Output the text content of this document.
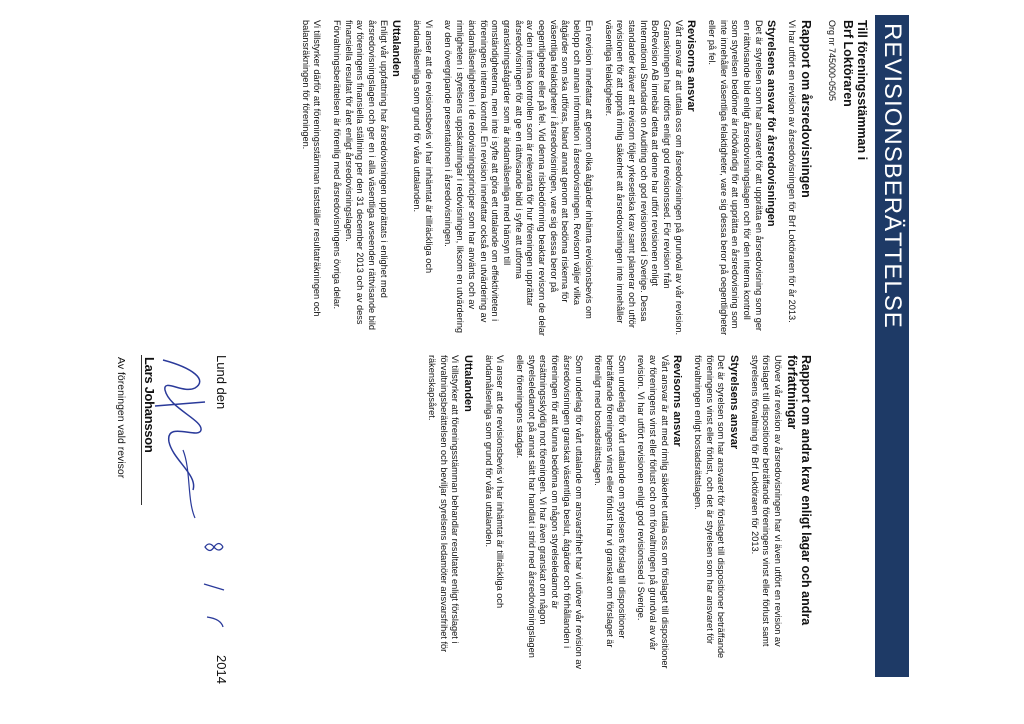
REVISIONSBERÄTTELSE
Till föreningsstämman i
Brf Loktöraren
Org nr 745000-0505
Rapport om årsredovisningen

Vi har utfört en revision av årsredovisningen för Brf Loktöraren för år 2013.

Styrelsens ansvar för årsredovisningen

Det är styrelsen som har ansvaret för att upprätta en årsredovisning som ger en rättvisande bild enligt årsredovisningslagen och för den interna kontroll som styrelsen bedömer är nödvändig för att upprätta en årsredovisning som inte innehåller väsentliga felaktigheter, vare sig dessa beror på oegentligheter eller på fel.

Revisorns ansvar

Vårt ansvar är att uttala oss om årsredovisningen på grundval av vår revision. Granskningen har utförts enligt god revisionssed. För revision från BoRevision AB innebär detta att denne har utfört revisionen enligt International Standards on Auditing och god revisionssed i Sverige. Dessa standarder kräver att revisorn följer yrkesetiska krav samt planerar och utför revisionen för att uppnå rimlig säkerhet att årsredovisningen inte innehåller väsentliga felaktigheter.

En revision innefattar att genom olika åtgärder inhämta revisionsbevis om belopp och annan information i årsredovisningen. Revisorn väljer vilka åtgärder som ska utföras, bland annat genom att bedöma riskerna för väsentliga felaktigheter i årsredovisningen, vare sig dessa beror på oegentligheter eller på fel. Vid denna riskbedömning beaktar revisorn de delar av den interna kontrollen som är relevanta för hur föreningen upprättar årsredovisningen för att ge en rättvisande bild i syfte att utforma granskningsåtgärder som är ändamålsenliga med hänsyn till omständigheterna, men inte i syfte att göra ett uttalande om effektiviteten i föreningens interna kontroll. En revision innefattar också en utvärdering av ändamålsenligheten i de redovisningsprinciper som har använts och av rimligheten i styrelsens uppskattningar i redovisningen, liksom en utvärdering av den övergripande presentationen i årsredovisningen.

Vi anser att de revisionsbevis vi har inhämtat är tillräckliga och ändamålsenliga som grund för våra uttalanden.

Uttalanden

Enligt vår uppfattning har årsredovisningen upprättats i enlighet med årsredovisningslagen och ger en i alla väsentliga avseenden rättvisande bild av föreningens finansiella ställning per den 31 december 2013 och av dess finansiella resultat för året enligt årsredovisningslagen. Förvaltningsberättelsen är förenlig med årsredovisningens övriga delar.

Vi tillstyrker därför att föreningsstämman fastställer resultaträkningen och balansräkningen för föreningen.

Rapport om andra krav enligt lagar och andra författningar

Utöver vår revision av årsredovisningen har vi även utfört en revision av förslaget till dispositioner beträffande föreningens vinst eller förlust samt styrelsens förvaltning för Brf Loktöraren för 2013.

Styrelsens ansvar

Det är styrelsen som har ansvaret för förslaget till dispositioner beträffande föreningens vinst eller förlust, och det är styrelsen som har ansvaret för förvaltningen enligt bostadsrättslagen.

Revisorns ansvar

Vårt ansvar är att med rimlig säkerhet uttala oss om förslaget till dispositioner av föreningens vinst eller förlust och om förvaltningen på grundval av vår revision. Vi har utfört revisionen enligt god revisionssed i Sverige.

Som underlag för vårt uttalande om styrelsens förslag till dispositioner beträffande föreningens vinst eller förlust har vi granskat om förslaget är förenligt med bostadsrättslagen.

Som underlag för vårt uttalande om ansvarsfrihet har vi utöver vår revision av årsredovisningen granskat väsentliga beslut, åtgärder och förhållanden i föreningen för att kunna bedöma om någon styrelseledamot är ersättningsskyldig mot föreningen. Vi har även granskat om någon styrelseledamot på annat sätt har handlat i strid med årsredovisningslagen eller föreningens stadgar.

Vi anser att de revisionsbevis vi har inhämtat är tillräckliga och ändamålsenliga som grund för våra uttalanden.

Uttalanden

Vi tillstyrker att föreningsstämman behandlar resultatet enligt förslaget i förvaltningsberättelsen och beviljar styrelsens ledamöter ansvarsfrihet för räkenskapsåret.

Lund den
2014
Lars Johansson
Av föreningen vald revisor
